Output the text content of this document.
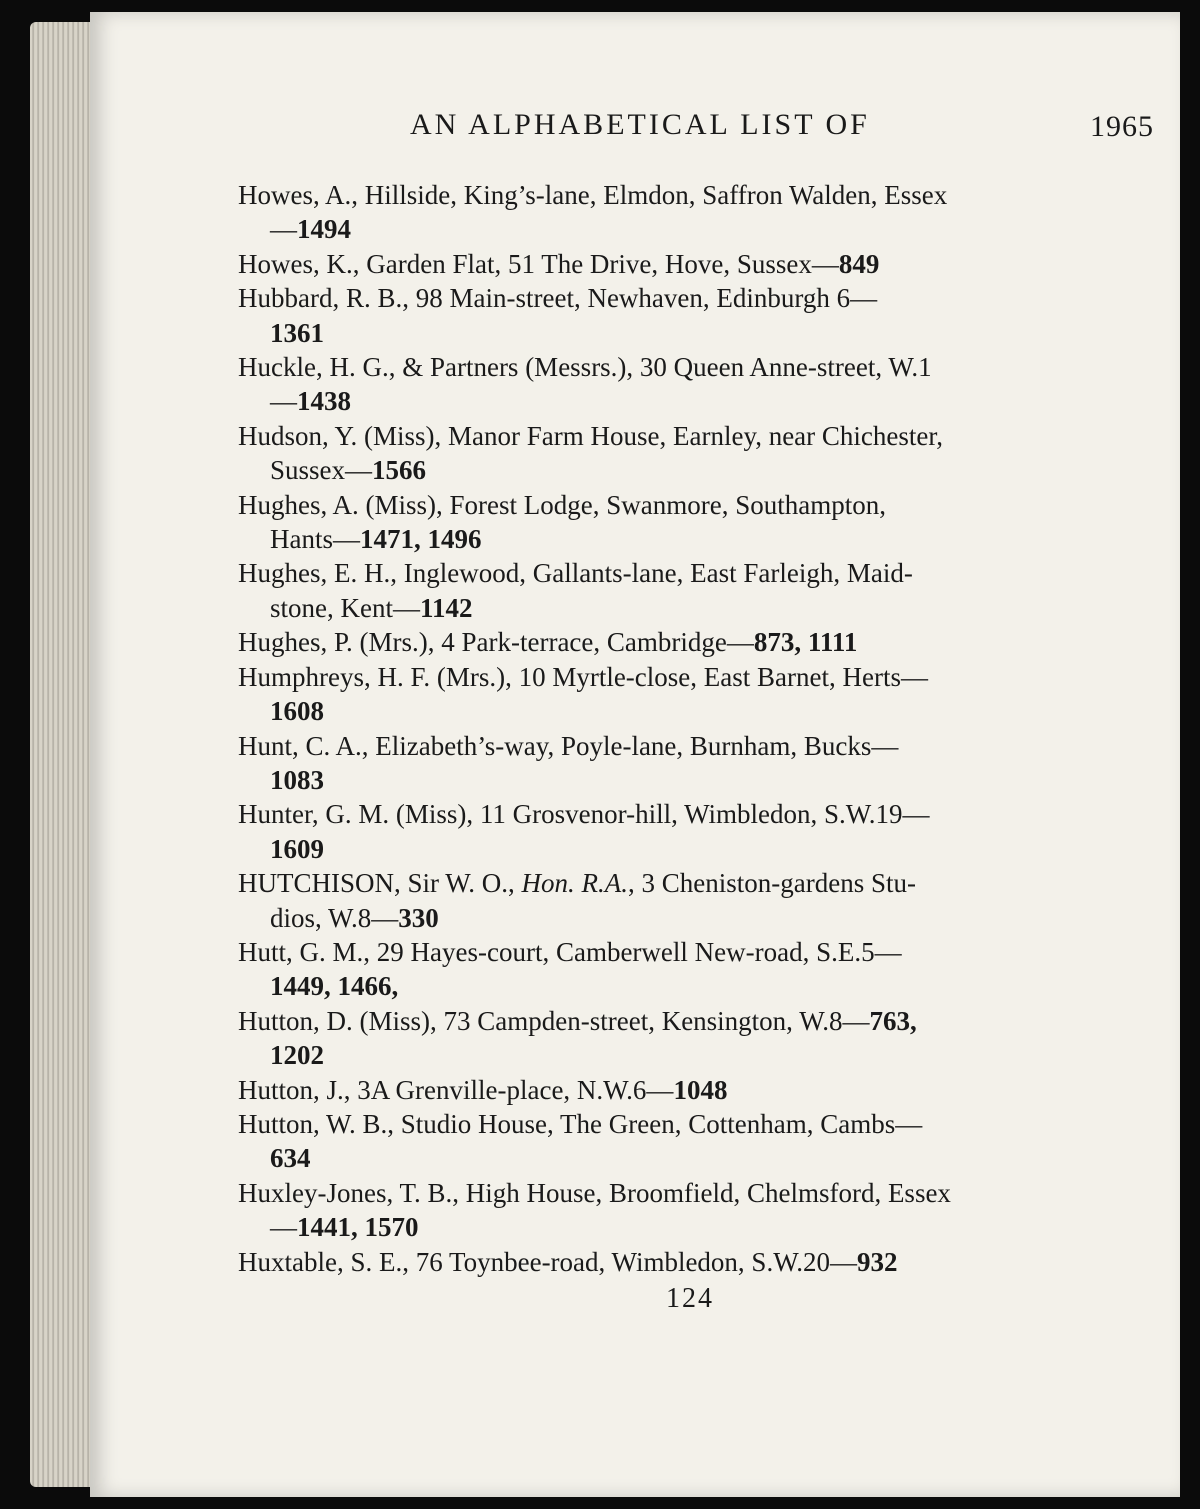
AN ALPHABETICAL LIST OF	1965

Howes, A., Hillside, King’s-lane, Elmdon, Saffron Walden, Essex
—1494

Howes, K., Garden Flat, 51 The Drive, Hove, Sussex—849

Hubbard, R. B., 98 Main-street, Newhaven, Edinburgh 6—
1361

Huckle, H. G., & Partners (Messrs.), 30 Queen Anne-street, W.1
—1438

Hudson, Y. (Miss), Manor Farm House, Earnley, near Chichester,
Sussex—1566

Hughes, A. (Miss), Forest Lodge, Swanmore, Southampton,
Hants—1471, 1496

Hughes, E. H., Inglewood, Gallants-lane, East Farleigh, Maid-
stone, Kent—1142

Hughes, P. (Mrs.), 4 Park-terrace, Cambridge—873, 1111

Humphreys, H. F. (Mrs.), 10 Myrtle-close, East Barnet, Herts—
1608

Hunt, C. A., Elizabeth’s-way, Poyle-lane, Burnham, Bucks—
1083

Hunter, G. M. (Miss), 11 Grosvenor-hill, Wimbledon, S.W.19—
1609

HUTCHISON, Sir W. O., Hon. R.A., 3 Cheniston-gardens Stu-
dios, W.8—330

Hutt, G. M., 29 Hayes-court, Camberwell New-road, S.E.5—
1449, 1466,

Hutton, D. (Miss), 73 Campden-street, Kensington, W.8—763,
1202

Hutton, J., 3A Grenville-place, N.W.6—1048

Hutton, W. B., Studio House, The Green, Cottenham, Cambs—
634

Huxley-Jones, T. B., High House, Broomfield, Chelmsford, Essex
—1441, 1570

Huxtable, S. E., 76 Toynbee-road, Wimbledon, S.W.20—932

124
